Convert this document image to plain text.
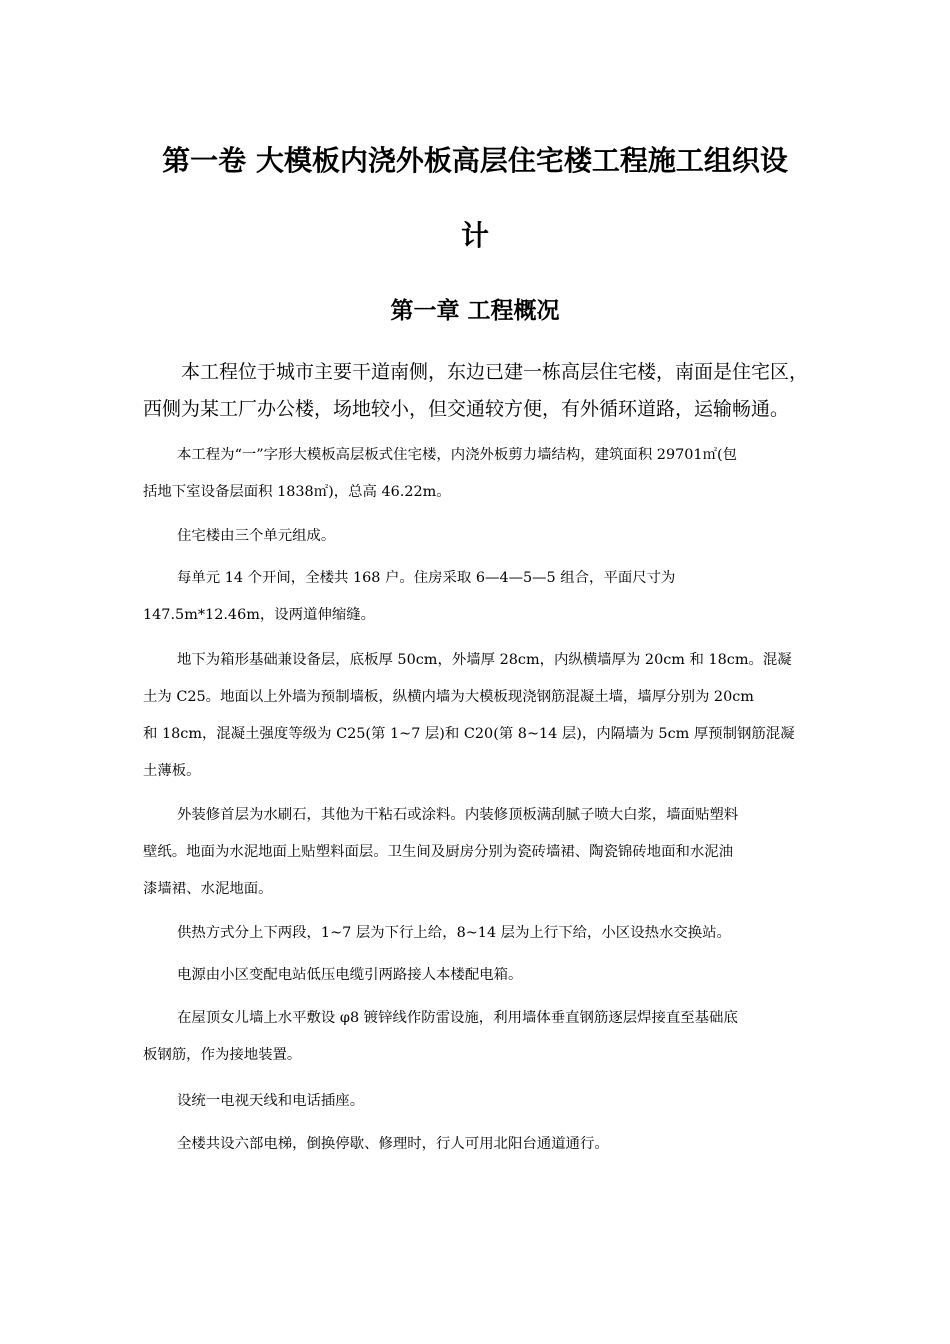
第一卷 大模板内浇外板高层住宅楼工程施工组织设
计
第一章 工程概况

本工程位于城市主要干道南侧，东边已建一栋高层住宅楼，南面是住宅区，
西侧为某工厂办公楼，场地较小，但交通较方便，有外循环道路，运输畅通。

本工程为“一”字形大模板高层板式住宅楼，内浇外板剪力墙结构，建筑面积 29701㎡(包
括地下室设备层面积 1838㎡)，总高 46.22m。

住宅楼由三个单元组成。

每单元 14 个开间，全楼共 168 户。住房采取 6—4—5—5 组合，平面尺寸为
147.5m*12.46m，设两道伸缩缝。

地下为箱形基础兼设备层，底板厚 50cm，外墙厚 28cm，内纵横墙厚为 20cm 和 18cm。混凝
土为 C25。地面以上外墙为预制墙板，纵横内墙为大模板现浇钢筋混凝土墙，墙厚分别为 20cm
和 18cm，混凝土强度等级为 C25(第 1~7 层)和 C20(第 8~14 层)，内隔墙为 5cm 厚预制钢筋混凝
土薄板。

外装修首层为水刷石，其他为干粘石或涂料。内装修顶板满刮腻子喷大白浆，墙面贴塑料
壁纸。地面为水泥地面上贴塑料面层。卫生间及厨房分别为瓷砖墙裙、陶瓷锦砖地面和水泥油
漆墙裙、水泥地面。

供热方式分上下两段，1~7 层为下行上给，8~14 层为上行下给，小区设热水交换站。

电源由小区变配电站低压电缆引两路接人本楼配电箱。

在屋顶女儿墙上水平敷设 φ8 镀锌线作防雷设施，利用墙体垂直钢筋逐层焊接直至基础底
板钢筋，作为接地装置。

设统一电视天线和电话插座。

全楼共设六部电梯，倒换停歇、修理时，行人可用北阳台通道通行。
